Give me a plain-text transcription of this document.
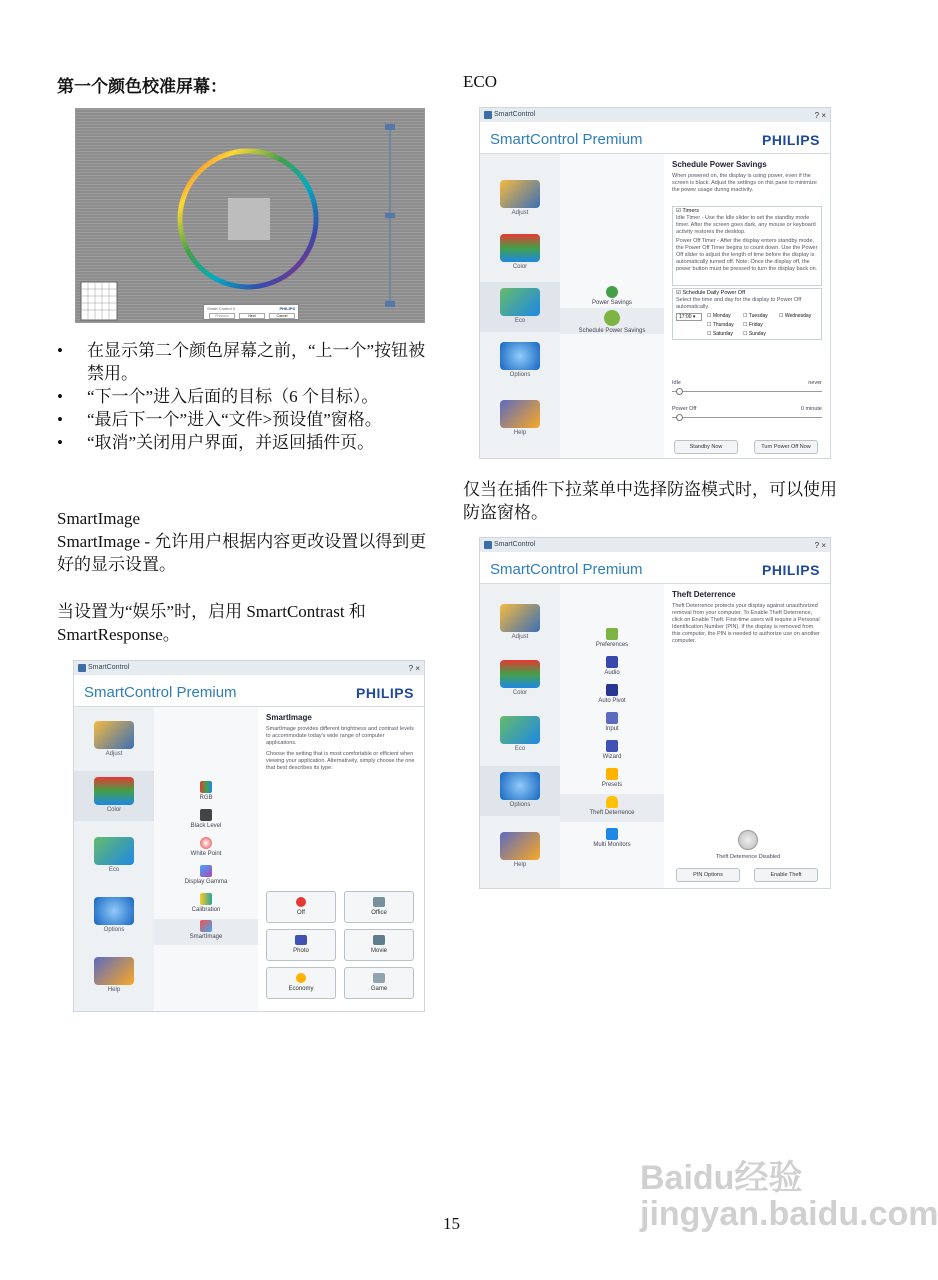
第一个颜色校准屏幕：
Smart Control II	PHILIPS
Previous	Next	Cancel
• 在显示第二个颜色屏幕之前，“上一个”按钮被禁用。
• “下一个”进入后面的目标（6 个目标）。
• “最后下一个”进入“文件>预设值”窗格。
• “取消”关闭用户界面，并返回插件页。
SmartImage
SmartImage - 允许用户根据内容更改设置以得到更好的显示设置。
当设置为“娱乐”时，启用 SmartContrast 和 SmartResponse。
SmartControl	? ×
SmartControl Premium	PHILIPS
Adjust
Color
Eco
Options
Help
RGB
Black Level
White Point
Display Gamma
Calibration
SmartImage
SmartImage
SmartImage provides different brightness and contrast levels to accommodate today's wide range of computer applications.
Choose the setting that is most comfortable or efficient when viewing your application. Alternatively, simply choose the one that best describes its type.
Off	Office
Photo	Movie
Economy	Game
ECO
SmartControl	? ×
SmartControl Premium	PHILIPS
Adjust
Color
Eco
Options
Help
Power Savings
Schedule Power Savings
Schedule Power Savings
When powered on, the display is using power, even if the screen is black. Adjust the settings on this pane to minimize the power usage during inactivity.
☑ Timers
Idle Timer - Use the Idle slider to set the standby mode timer. After the screen goes dark, any mouse or keyboard activity restores the desktop.
Power Off Timer - After the display enters standby mode, the Power Off Timer begins to count down. Use the Power Off slider to adjust the length of time before the display is automatically turned off. Note: Once the display off, the power button must be pressed to turn the display back on.
☑ Schedule Daily Power Off
Select the time and day for the display to Power Off automatically.
17:00 ▾	☐ Monday ☐ Tuesday ☐ Wednesday
☐ Thursday ☐ Friday
☐ Saturday ☐ Sunday
Idle	never
Power Off	0 minute
Standby Now	Turn Power Off Now
仅当在插件下拉菜单中选择防盗模式时，可以使用防盗窗格。
SmartControl	? ×
SmartControl Premium	PHILIPS
Adjust
Color
Eco
Options
Help
Preferences
Audio
Auto Pivot
Input
Wizard
Presets
Theft Deterrence
Multi Monitors
Theft Deterrence
Theft Deterrence protects your display against unauthorized removal from your computer. To Enable Theft Deterrence, click on Enable Theft. First-time users will require a Personal Identification Number (PIN). If the display is removed from this computer, the PIN is needed to authorize use on another computer.
Theft Deterrence Disabled
PIN Options	Enable Theft
15
Baidu经验 jingyan.baidu.com
